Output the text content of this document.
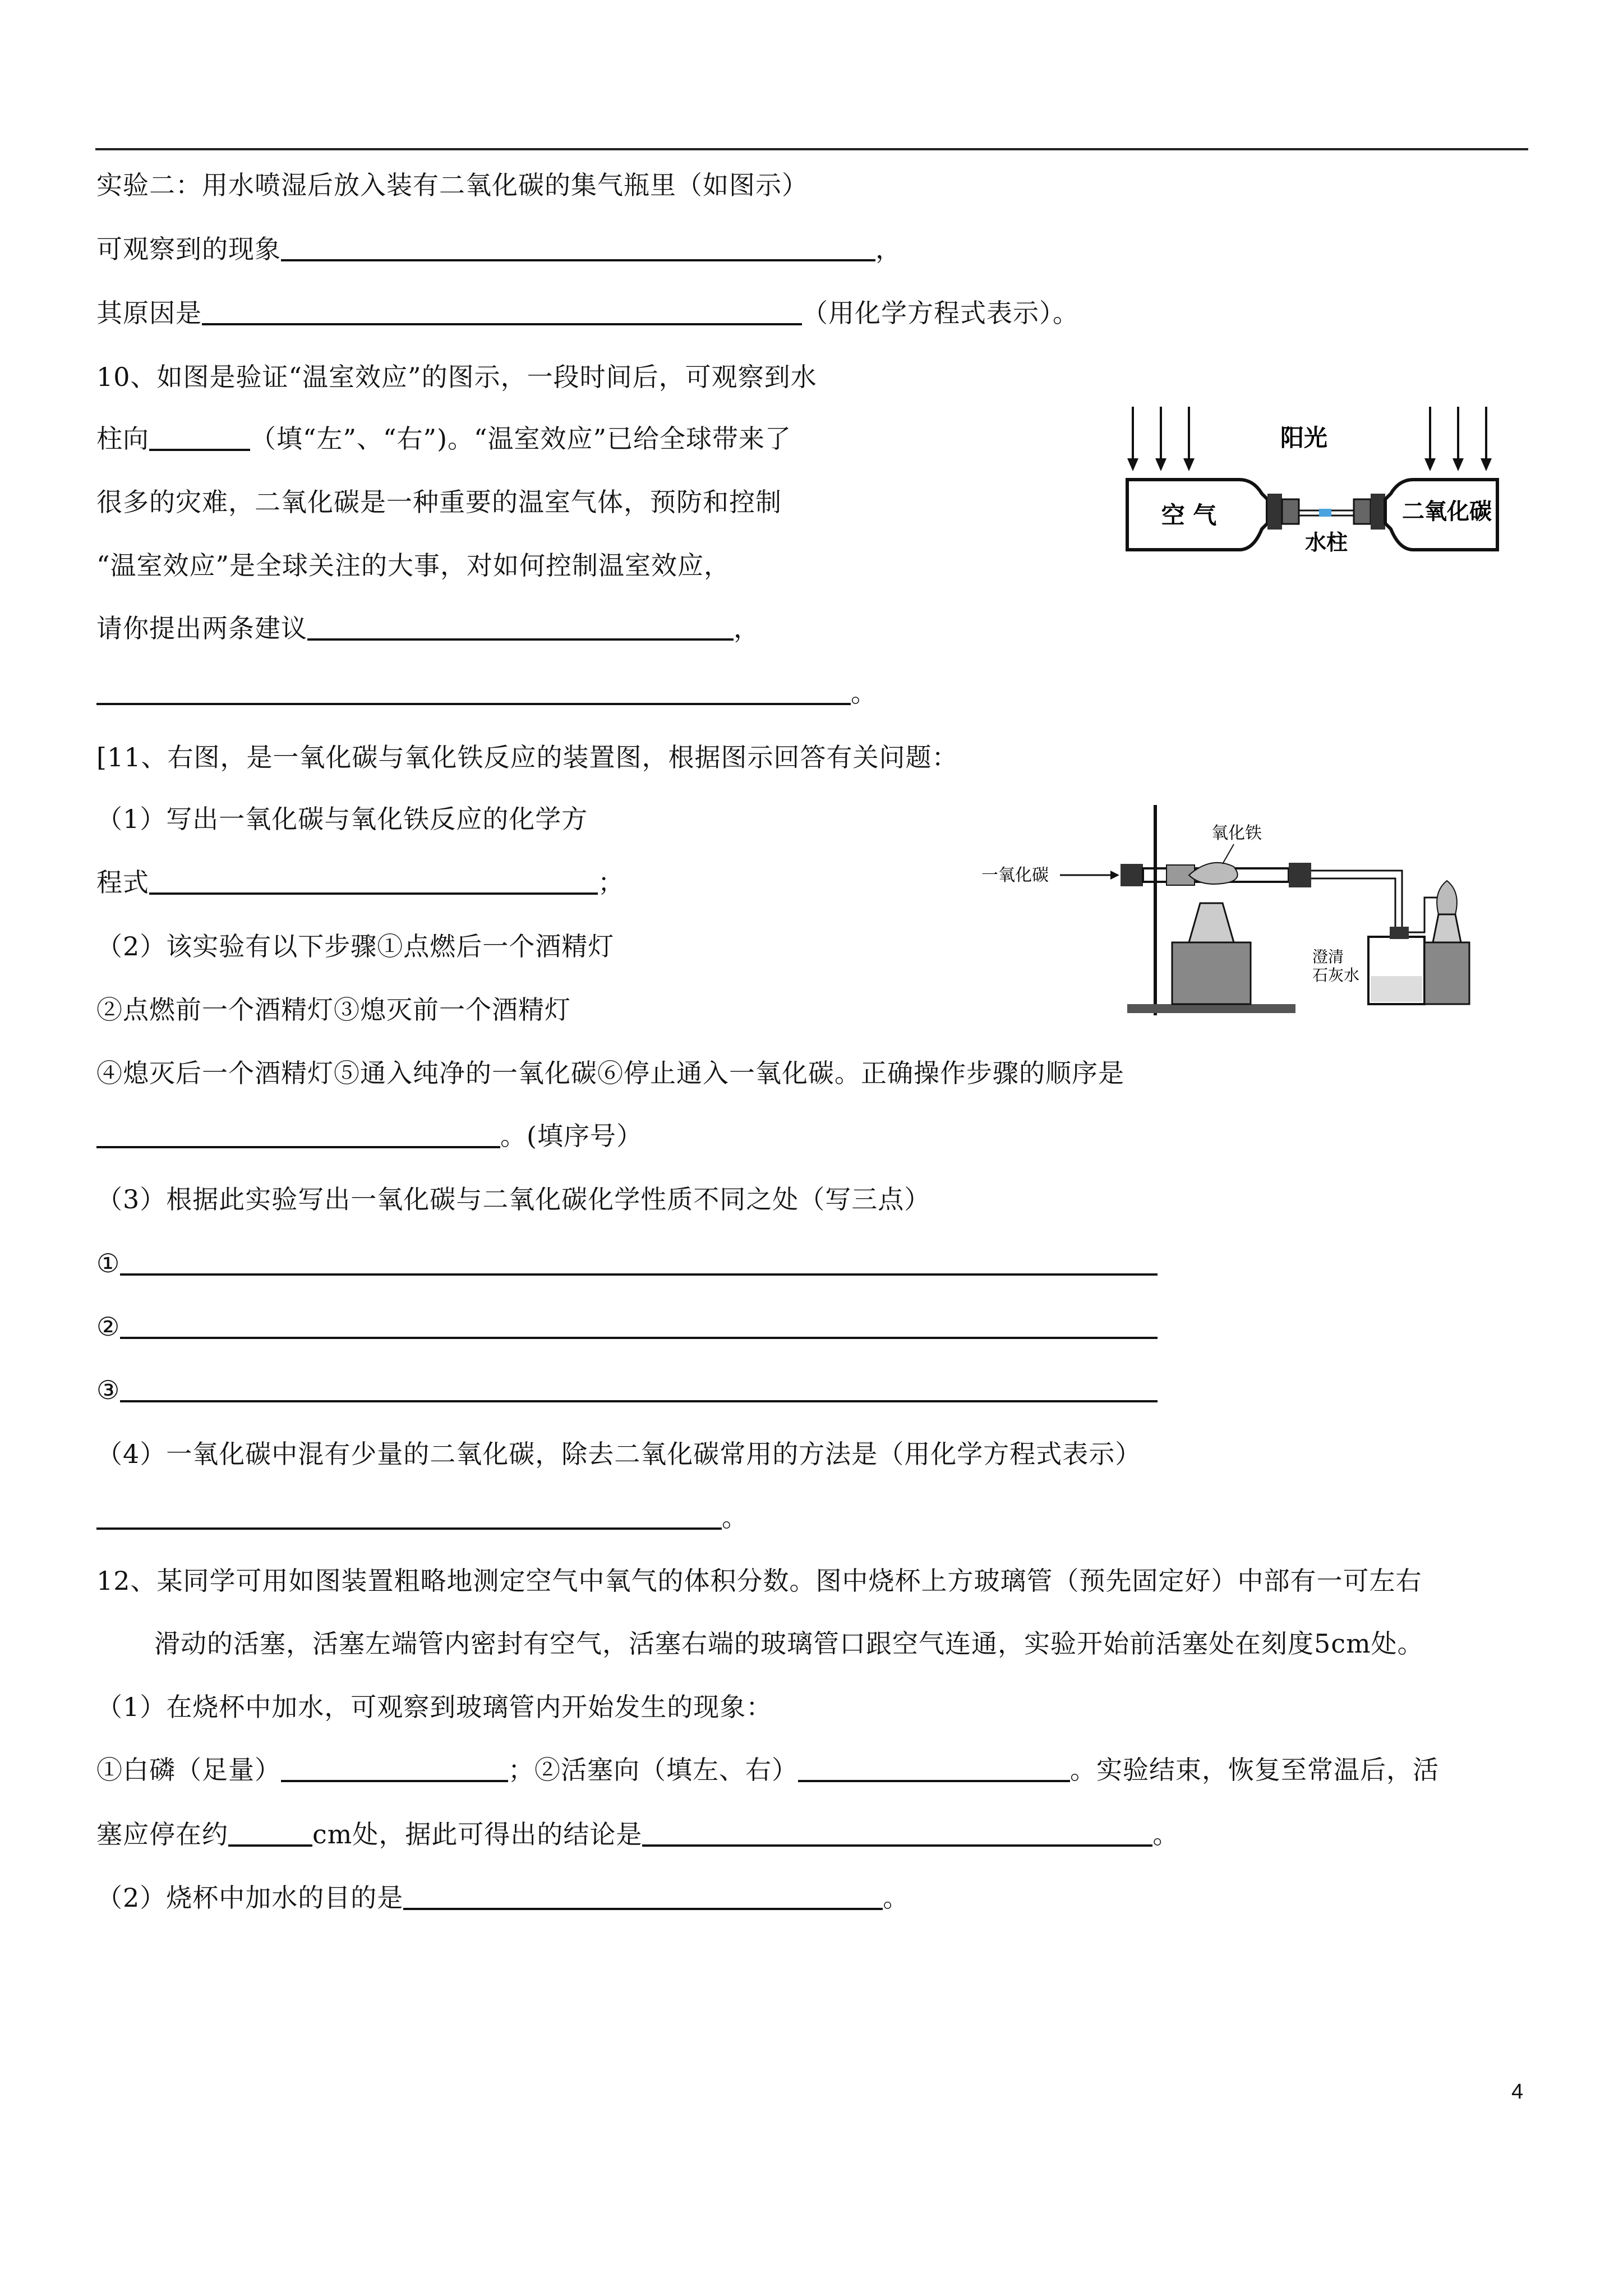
实验二：用水喷湿后放入装有二氧化碳的集气瓶里（如图示）
可观察到的现象	，
其原因是	（用化学方程式表示）。
10、如图是验证“温室效应”的图示，一段时间后，可观察到水
柱向	（填“左”、“右”)。“温室效应”已给全球带来了
很多的灾难，二氧化碳是一种重要的温室气体，预防和控制
“温室效应”是全球关注的大事，对如何控制温室效应，
请你提出两条建议	，
。
阳光
空 气	二氧化碳
水柱
[11、右图，是一氧化碳与氧化铁反应的装置图，根据图示回答有关问题：
（1）写出一氧化碳与氧化铁反应的化学方
程式	；
（2）该实验有以下步骤①点燃后一个酒精灯
②点燃前一个酒精灯③熄灭前一个酒精灯
④熄灭后一个酒精灯⑤通入纯净的一氧化碳⑥停止通入一氧化碳。正确操作步骤的顺序是
。(填序号）
（3）根据此实验写出一氧化碳与二氧化碳化学性质不同之处（写三点）
①
②
③
（4）一氧化碳中混有少量的二氧化碳，除去二氧化碳常用的方法是（用化学方程式表示）
。
一氧化碳
氧化铁
澄清
石灰水
12、某同学可用如图装置粗略地测定空气中氧气的体积分数。图中烧杯上方玻璃管（预先固定好）中部有一可左右
滑动的活塞，活塞左端管内密封有空气，活塞右端的玻璃管口跟空气连通，实验开始前活塞处在刻度5cm处。
（1）在烧杯中加水，可观察到玻璃管内开始发生的现象：
①白磷（足量）	；②活塞向（填左、右）	。实验结束，恢复至常温后，活
塞应停在约	cm处，据此可得出的结论是	。
（2）烧杯中加水的目的是	。
4
